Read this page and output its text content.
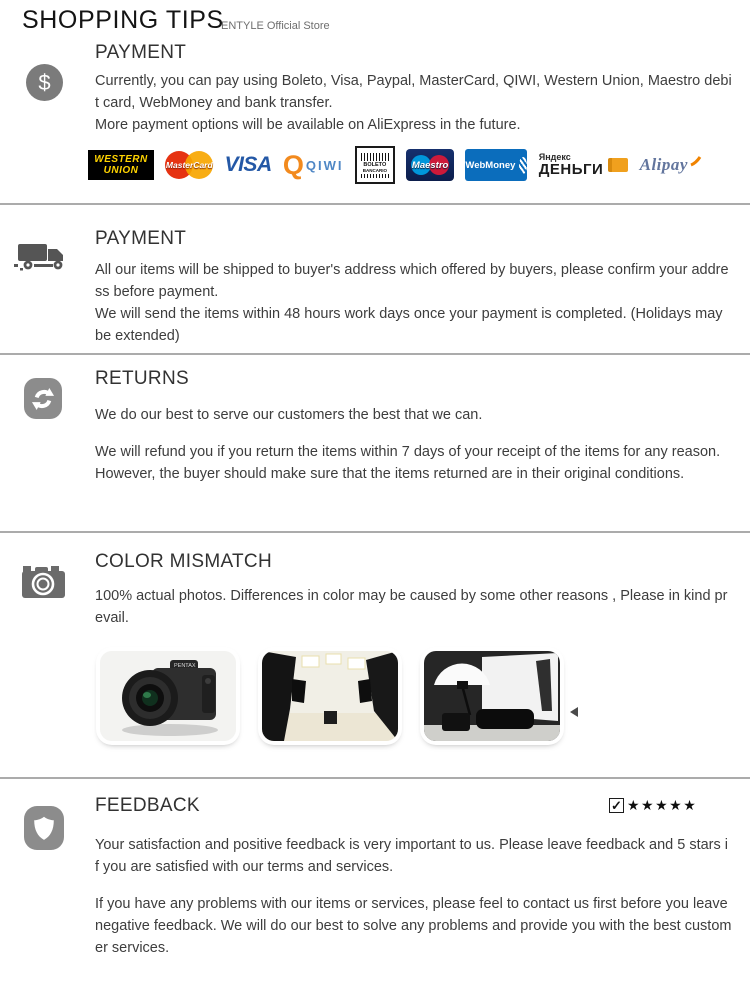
SHOPPING TIPS
ENTYLE Official Store
$
PAYMENT

Currently, you can pay using Boleto, Visa, Paypal, MasterCard, QIWI, Western Union, Maestro debit card, WebMoney and bank transfer.

More payment options will be available on AliExpress in the future.

WESTERN
UNION	MasterCard VISA Q QIWI	BOLETO
BANCARIO	Maestro	WebMoney
Яндекс
ДЕНЬГИ Alipay
PAYMENT

All our items will be shipped to buyer's address which offered by buyers, please confirm your address before payment.

We will send the items within 48 hours work days once your payment is completed. (Holidays may be extended)

RETURNS

We do our best to serve our customers the best that we can.

We will refund you if you return the items within 7 days of your receipt of the items for any reason. However, the buyer should make sure that the items returned are in their original conditions.

COLOR MISMATCH

100% actual photos. Differences in color may be caused by some other reasons , Please in kind prevail.

PENTAX
FEEDBACK	✓ ★★★★★

Your satisfaction and positive feedback is very important to us. Please leave feedback and 5 stars if you are satisfied with our terms and services.

If you have any problems with our items or services, please feel to contact us first before you leave negative feedback. We will do our best to solve any problems and provide you with the best customer services.
